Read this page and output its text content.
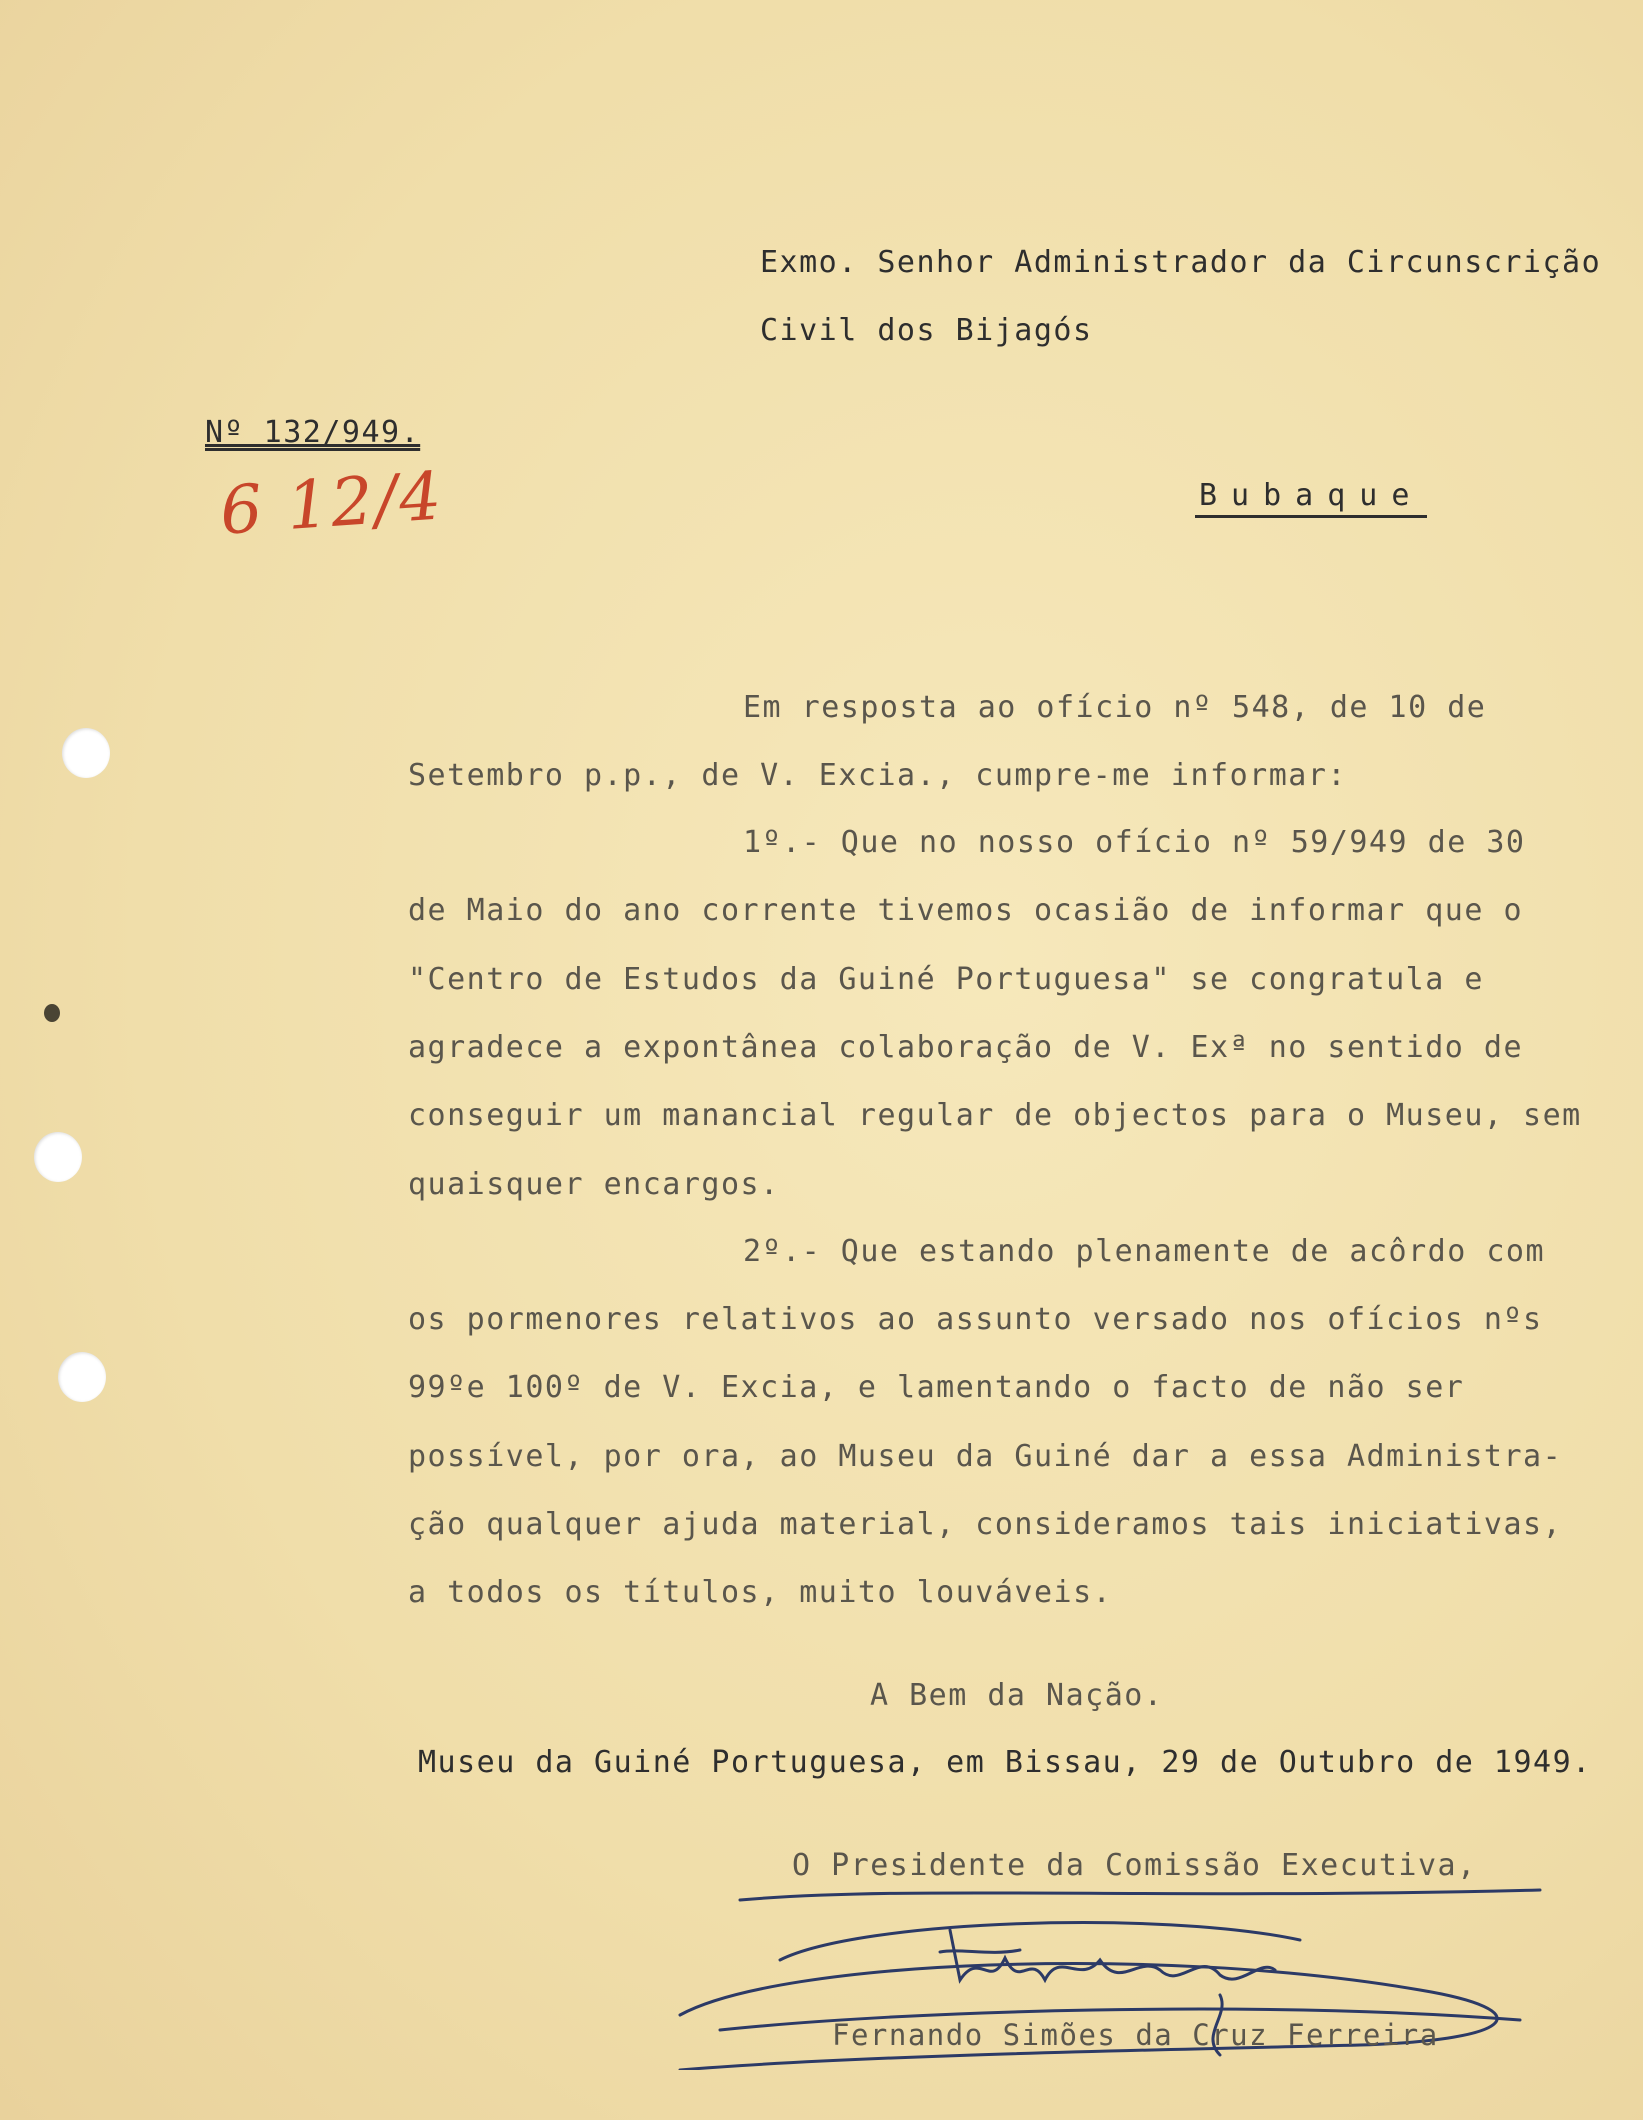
Exmo. Senhor Administrador da Circunscrição
Civil dos Bijagós
Nº 132/949.
6 12/4	Bubaque
Em resposta ao ofício nº 548, de 10 de
Setembro p.p., de V. Excia., cumpre-me informar:
1º.- Que no nosso ofício nº 59/949 de 30
de Maio do ano corrente tivemos ocasião de informar que o
"Centro de Estudos da Guiné Portuguesa" se congratula e
agradece a expontânea colaboração de V. Exª no sentido de
conseguir um manancial regular de objectos para o Museu, sem
quaisquer encargos.
2º.- Que estando plenamente de acôrdo com
os pormenores relativos ao assunto versado nos ofícios nºs
99ºe 100º de V. Excia, e lamentando o facto de não ser
possível, por ora, ao Museu da Guiné dar a essa Administra-
ção qualquer ajuda material, consideramos tais iniciativas,
a todos os títulos, muito louváveis.
A Bem da Nação.
Museu da Guiné Portuguesa, em Bissau, 29 de Outubro de 1949.
O Presidente da Comissão Executiva,
Fernando Simões da Cruz Ferreira
